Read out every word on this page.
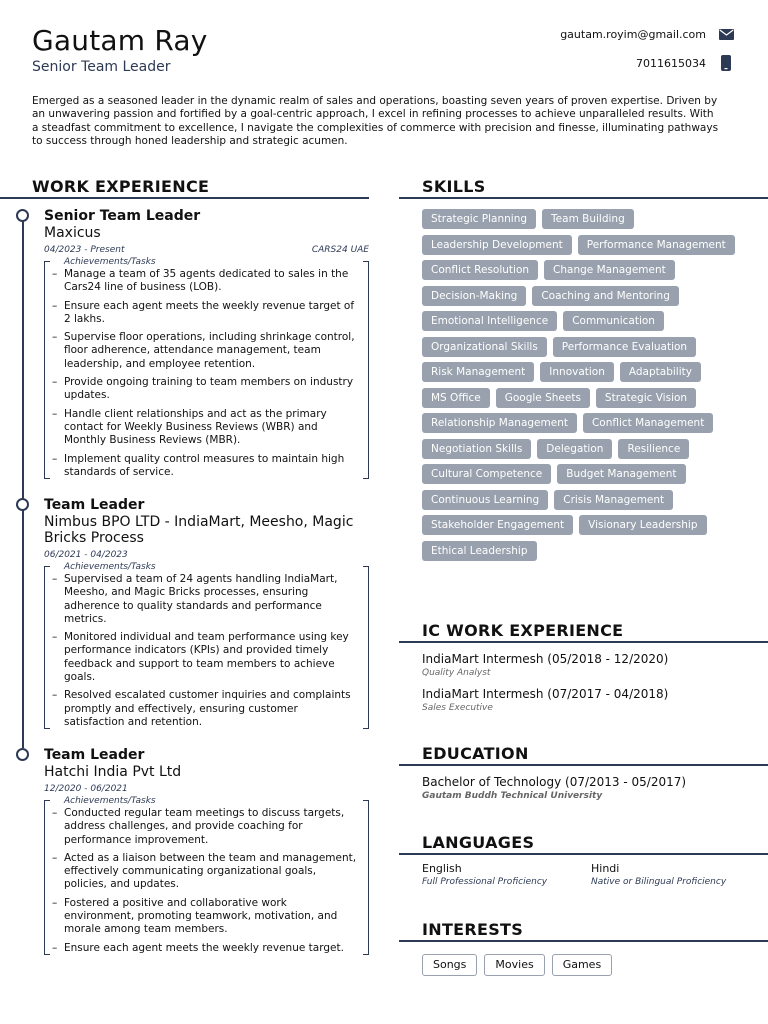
Gautam Ray
Senior Team Leader
gautam.royim@gmail.com
7011615034
Emerged as a seasoned leader in the dynamic realm of sales and operations, boasting seven years of proven expertise. Driven by an unwavering passion and fortified by a goal-centric approach, I excel in refining processes to achieve unparalleled results. With a steadfast commitment to excellence, I navigate the complexities of commerce with precision and finesse, illuminating pathways to success through honed leadership and strategic acumen.
WORK EXPERIENCE
Senior Team Leader
Maxicus
04/2023 - Present	CARS24 UAE
Achievements/Tasks
– Manage a team of 35 agents dedicated to sales in the Cars24 line of business (LOB).
– Ensure each agent meets the weekly revenue target of 2 lakhs.
– Supervise floor operations, including shrinkage control, floor adherence, attendance management, team leadership, and employee retention.
– Provide ongoing training to team members on industry updates.
– Handle client relationships and act as the primary contact for Weekly Business Reviews (WBR) and Monthly Business Reviews (MBR).
– Implement quality control measures to maintain high standards of service.
Team Leader
Nimbus BPO LTD - IndiaMart, Meesho, Magic Bricks Process
06/2021 - 04/2023
Achievements/Tasks
– Supervised a team of 24 agents handling IndiaMart, Meesho, and Magic Bricks processes, ensuring adherence to quality standards and performance metrics.
– Monitored individual and team performance using key performance indicators (KPIs) and provided timely feedback and support to team members to achieve goals.
– Resolved escalated customer inquiries and complaints promptly and effectively, ensuring customer satisfaction and retention.
Team Leader
Hatchi India Pvt Ltd
12/2020 - 06/2021
Achievements/Tasks
– Conducted regular team meetings to discuss targets, address challenges, and provide coaching for performance improvement.
– Acted as a liaison between the team and management, effectively communicating organizational goals, policies, and updates.
– Fostered a positive and collaborative work environment, promoting teamwork, motivation, and morale among team members.
– Ensure each agent meets the weekly revenue target.
SKILLS
Strategic Planning	Team Building
Leadership Development	Performance Management
Conflict Resolution	Change Management
Decision-Making	Coaching and Mentoring
Emotional Intelligence	Communication
Organizational Skills	Performance Evaluation
Risk Management	Innovation	Adaptability
MS Office	Google Sheets	Strategic Vision
Relationship Management	Conflict Management
Negotiation Skills	Delegation	Resilience
Cultural Competence	Budget Management
Continuous Learning	Crisis Management
Stakeholder Engagement	Visionary Leadership
Ethical Leadership
IC WORK EXPERIENCE
IndiaMart Intermesh (05/2018 - 12/2020)
Quality Analyst
IndiaMart Intermesh (07/2017 - 04/2018)
Sales Executive
EDUCATION
Bachelor of Technology (07/2013 - 05/2017)
Gautam Buddh Technical University
LANGUAGES
English
Full Professional Proficiency
Hindi
Native or Bilingual Proficiency
INTERESTS
Songs	Movies	Games
